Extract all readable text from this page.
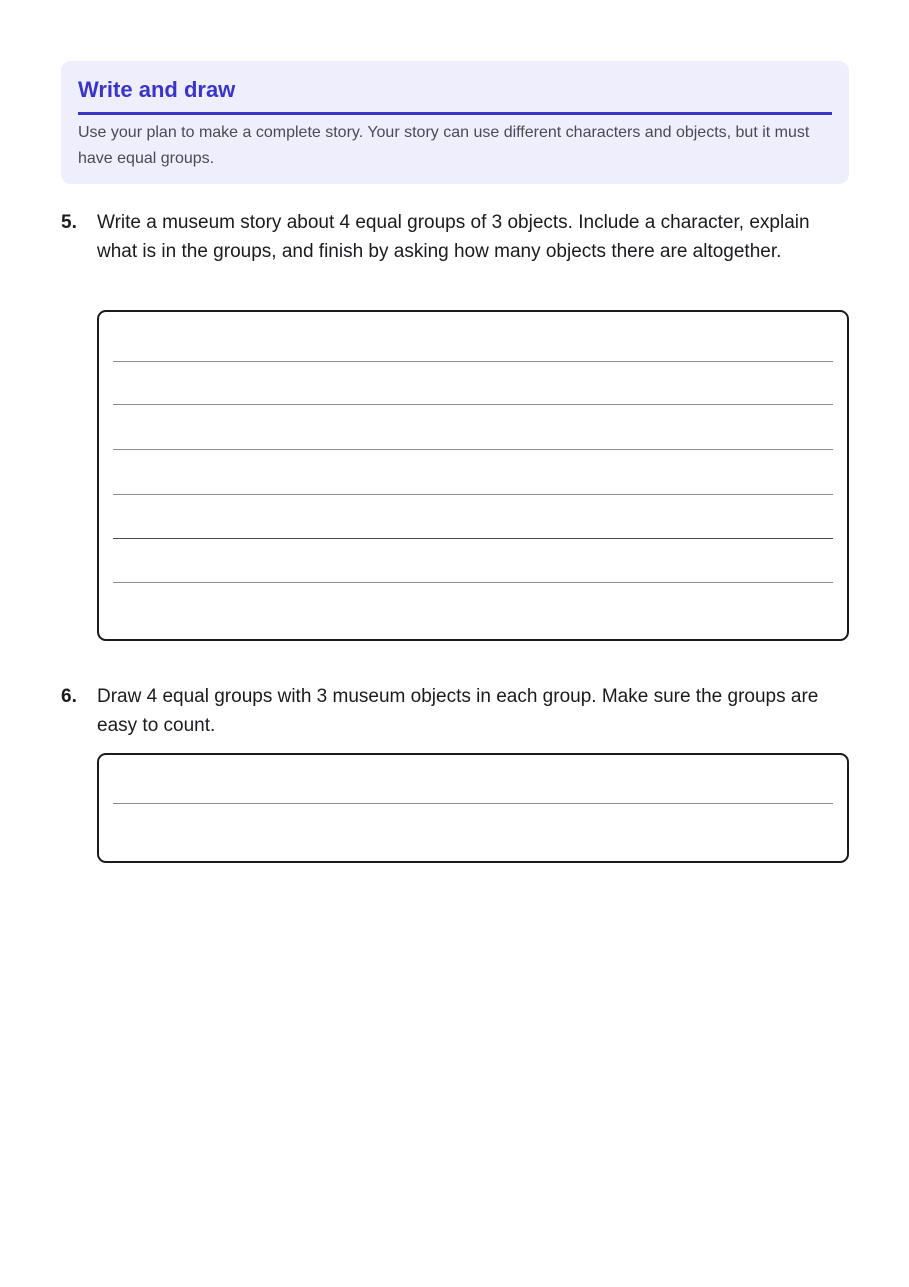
Write and draw

Use your plan to make a complete story. Your story can use different characters and objects, but it must have equal groups.

5. Write a museum story about 4 equal groups of 3 objects. Include a character, explain what is in the groups, and finish by asking how many objects there are altogether.
6. Draw 4 equal groups with 3 museum objects in each group. Make sure the groups are easy to count.
